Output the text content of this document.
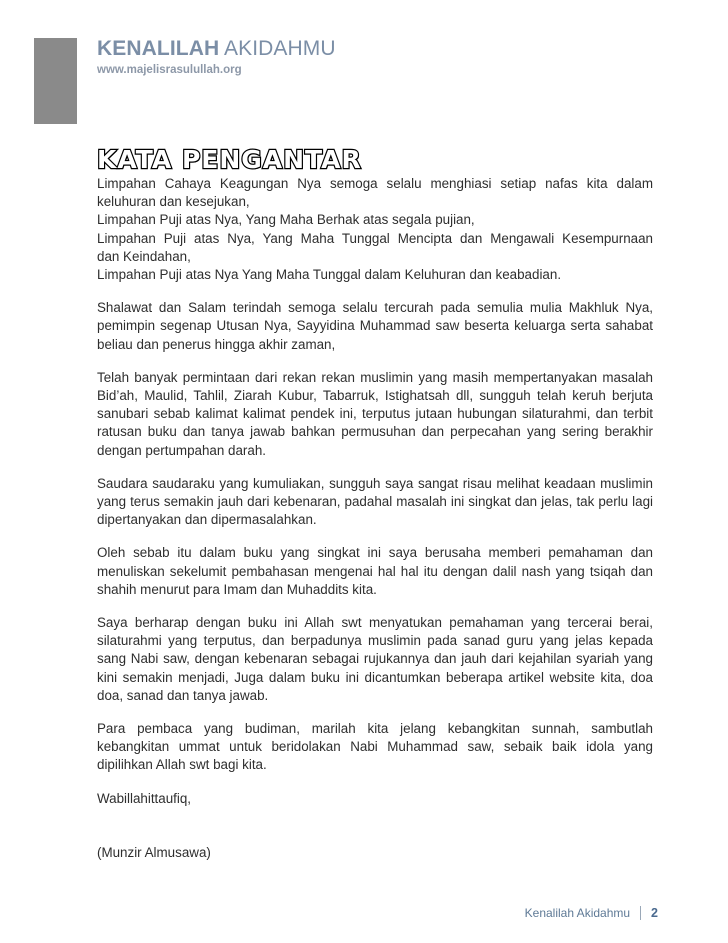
KENALILAH AKIDAHMU
www.majelisrasulullah.org
KATA PENGANTAR

Limpahan Cahaya Keagungan Nya semoga selalu menghiasi setiap nafas kita dalam
keluhuran dan kesejukan,
Limpahan Puji atas Nya, Yang Maha Berhak atas segala pujian,
Limpahan Puji atas Nya, Yang Maha Tunggal Mencipta dan Mengawali Kesempurnaan
dan Keindahan,
Limpahan Puji atas Nya Yang Maha Tunggal dalam Keluhuran dan keabadian.

Shalawat dan Salam terindah semoga selalu tercurah pada semulia mulia Makhluk Nya, pemimpin segenap Utusan Nya, Sayyidina Muhammad saw beserta keluarga serta sahabat beliau dan penerus hingga akhir zaman,

Telah banyak permintaan dari rekan rekan muslimin yang masih mempertanyakan masalah Bid’ah, Maulid, Tahlil, Ziarah Kubur, Tabarruk, Istighatsah dll, sungguh telah keruh berjuta sanubari sebab kalimat kalimat pendek ini, terputus jutaan hubungan silaturahmi, dan terbit ratusan buku dan tanya jawab bahkan permusuhan dan perpecahan yang sering berakhir dengan pertumpahan darah.

Saudara saudaraku yang kumuliakan, sungguh saya sangat risau melihat keadaan muslimin yang terus semakin jauh dari kebenaran, padahal masalah ini singkat dan jelas, tak perlu lagi dipertanyakan dan dipermasalahkan.

Oleh sebab itu dalam buku yang singkat ini saya berusaha memberi pemahaman dan menuliskan sekelumit pembahasan mengenai hal hal itu dengan dalil nash yang tsiqah dan shahih menurut para Imam dan Muhaddits kita.

Saya berharap dengan buku ini Allah swt menyatukan pemahaman yang tercerai berai, silaturahmi yang terputus, dan berpadunya muslimin pada sanad guru yang jelas kepada sang Nabi saw, dengan kebenaran sebagai rujukannya dan jauh dari kejahilan syariah yang kini semakin menjadi, Juga dalam buku ini dicantumkan beberapa artikel website kita, doa doa, sanad dan tanya jawab.

Para pembaca yang budiman, marilah kita jelang kebangkitan sunnah, sambutlah kebangkitan ummat untuk beridolakan Nabi Muhammad saw, sebaik baik idola yang dipilihkan Allah swt bagi kita.

Wabillahittaufiq,

(Munzir Almusawa)

Kenalilah Akidahmu 2
